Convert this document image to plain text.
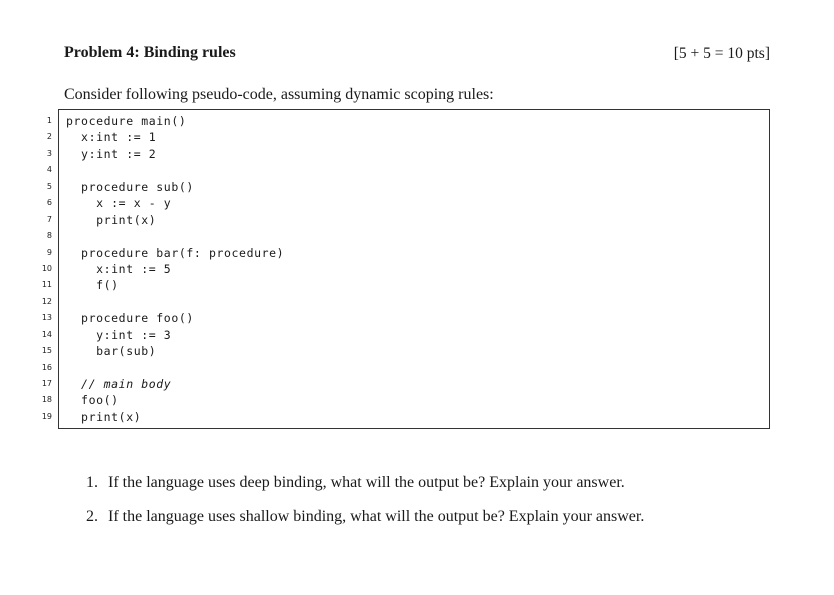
Problem 4: Binding rules	[5 + 5 = 10 pts]
Consider following pseudo-code, assuming dynamic scoping rules:
1
2
3
4
5
6
7
8
9
10
11
12
13
14
15
16
17
18
19
procedure main()
x:int := 1
y:int := 2
procedure sub()
x := x - y
print(x)
procedure bar(f: procedure)
x:int := 5
f()
procedure foo()
y:int := 3
bar(sub)
// main body
foo()
print(x)
1. If the language uses deep binding, what will the output be? Explain your answer.
2. If the language uses shallow binding, what will the output be? Explain your answer.
